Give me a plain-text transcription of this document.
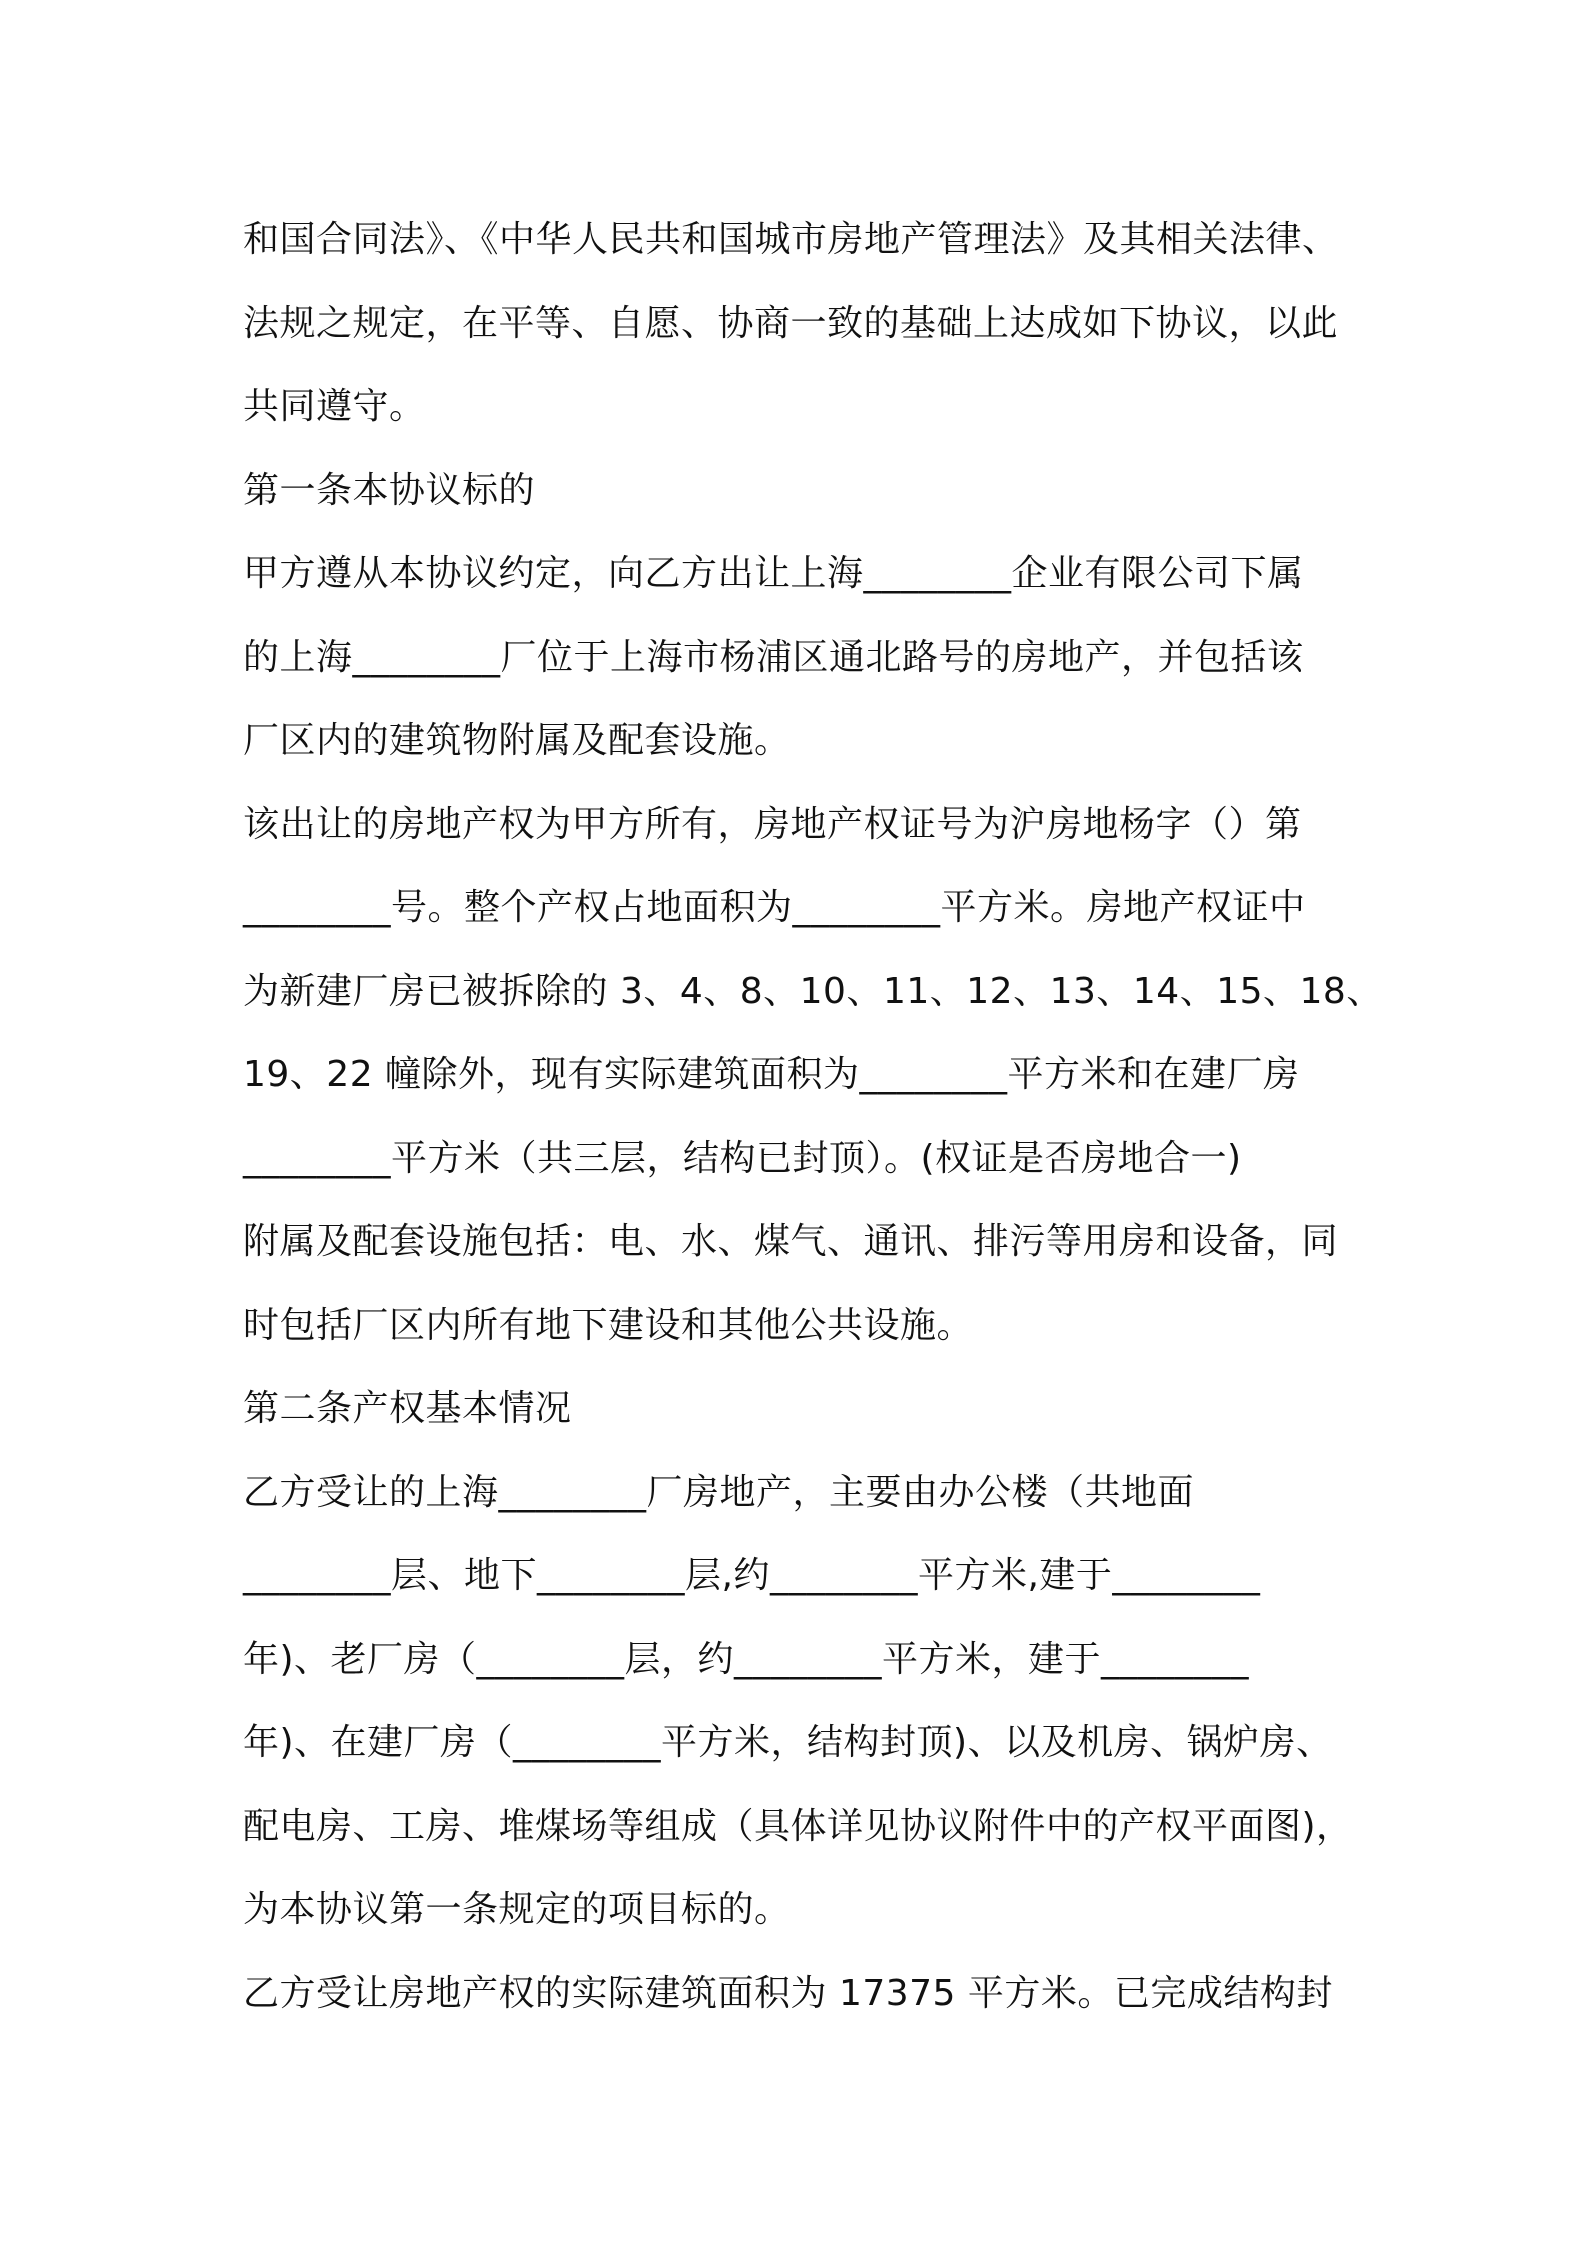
和国合同法》、《中华人民共和国城市房地产管理法》及其相关法律、
法规之规定，在平等、自愿、协商一致的基础上达成如下协议，以此
共同遵守。
第一条本协议标的
甲方遵从本协议约定，向乙方出让上海________企业有限公司下属
的上海________厂位于上海市杨浦区通北路号的房地产，并包括该
厂区内的建筑物附属及配套设施。
该出让的房地产权为甲方所有，房地产权证号为沪房地杨字（）第
________号。整个产权占地面积为________平方米。房地产权证中
为新建厂房已被拆除的 3、4、8、10、11、12、13、14、15、18、
19、22 幢除外，现有实际建筑面积为________平方米和在建厂房
________平方米（共三层，结构已封顶）。(权证是否房地合一)
附属及配套设施包括：电、水、煤气、通讯、排污等用房和设备，同
时包括厂区内所有地下建设和其他公共设施。
第二条产权基本情况
乙方受让的上海________厂房地产，主要由办公楼（共地面
________层、地下________层,约________平方米,建于________
年)、老厂房（________层，约________平方米，建于________
年)、在建厂房（________平方米，结构封顶)、以及机房、锅炉房、
配电房、工房、堆煤场等组成（具体详见协议附件中的产权平面图)，
为本协议第一条规定的项目标的。
乙方受让房地产权的实际建筑面积为 17375 平方米。已完成结构封
